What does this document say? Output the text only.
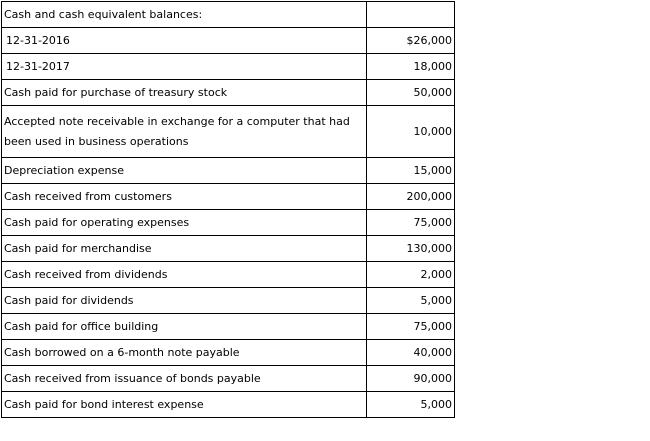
Cash and cash equivalent balances:	
12-31-2016	$26,000
12-31-2017	18,000
Cash paid for purchase of treasury stock	50,000
Accepted note receivable in exchange for a computer that had been used in business operations	10,000
Depreciation expense	15,000
Cash received from customers	200,000
Cash paid for operating expenses	75,000
Cash paid for merchandise	130,000
Cash received from dividends	2,000
Cash paid for dividends	5,000
Cash paid for office building	75,000
Cash borrowed on a 6-month note payable	40,000
Cash received from issuance of bonds payable	90,000
Cash paid for bond interest expense	5,000
